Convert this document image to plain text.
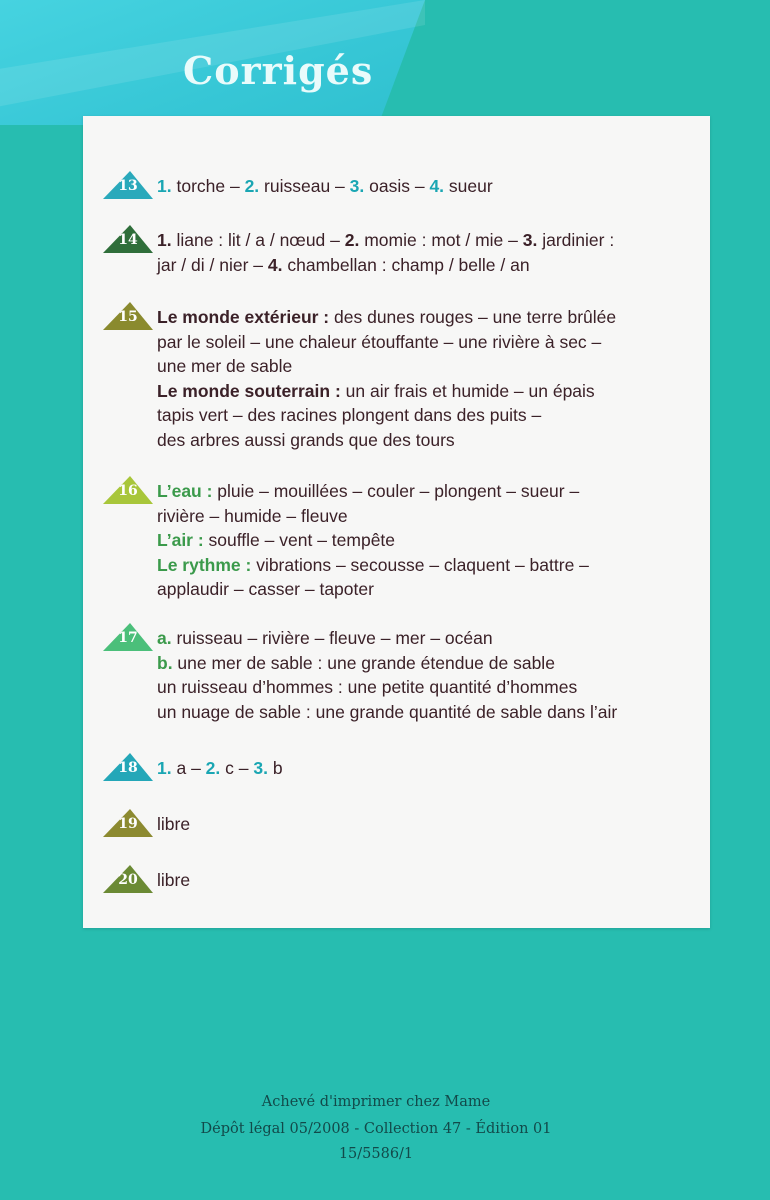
Corrigés
13	1. torche – 2. ruisseau – 3. oasis – 4. sueur
14	1. liane : lit / a / nœud – 2. momie : mot / mie – 3. jardinier :
jar / di / nier – 4. chambellan : champ / belle / an
15	Le monde extérieur : des dunes rouges – une terre brûlée
par le soleil – une chaleur étouffante – une rivière à sec –
une mer de sable
Le monde souterrain : un air frais et humide – un épais
tapis vert – des racines plongent dans des puits –
des arbres aussi grands que des tours
16	L’eau : pluie – mouillées – couler – plongent – sueur –
rivière – humide – fleuve
L’air : souffle – vent – tempête
Le rythme : vibrations – secousse – claquent – battre –
applaudir – casser – tapoter
17	a. ruisseau – rivière – fleuve – mer – océan
b. une mer de sable : une grande étendue de sable
un ruisseau d’hommes : une petite quantité d’hommes
un nuage de sable : une grande quantité de sable dans l’air
18	1. a – 2. c – 3. b
19	libre
20	libre
Achevé d'imprimer chez Mame
Dépôt légal 05/2008 - Collection 47 - Édition 01
15/5586/1
